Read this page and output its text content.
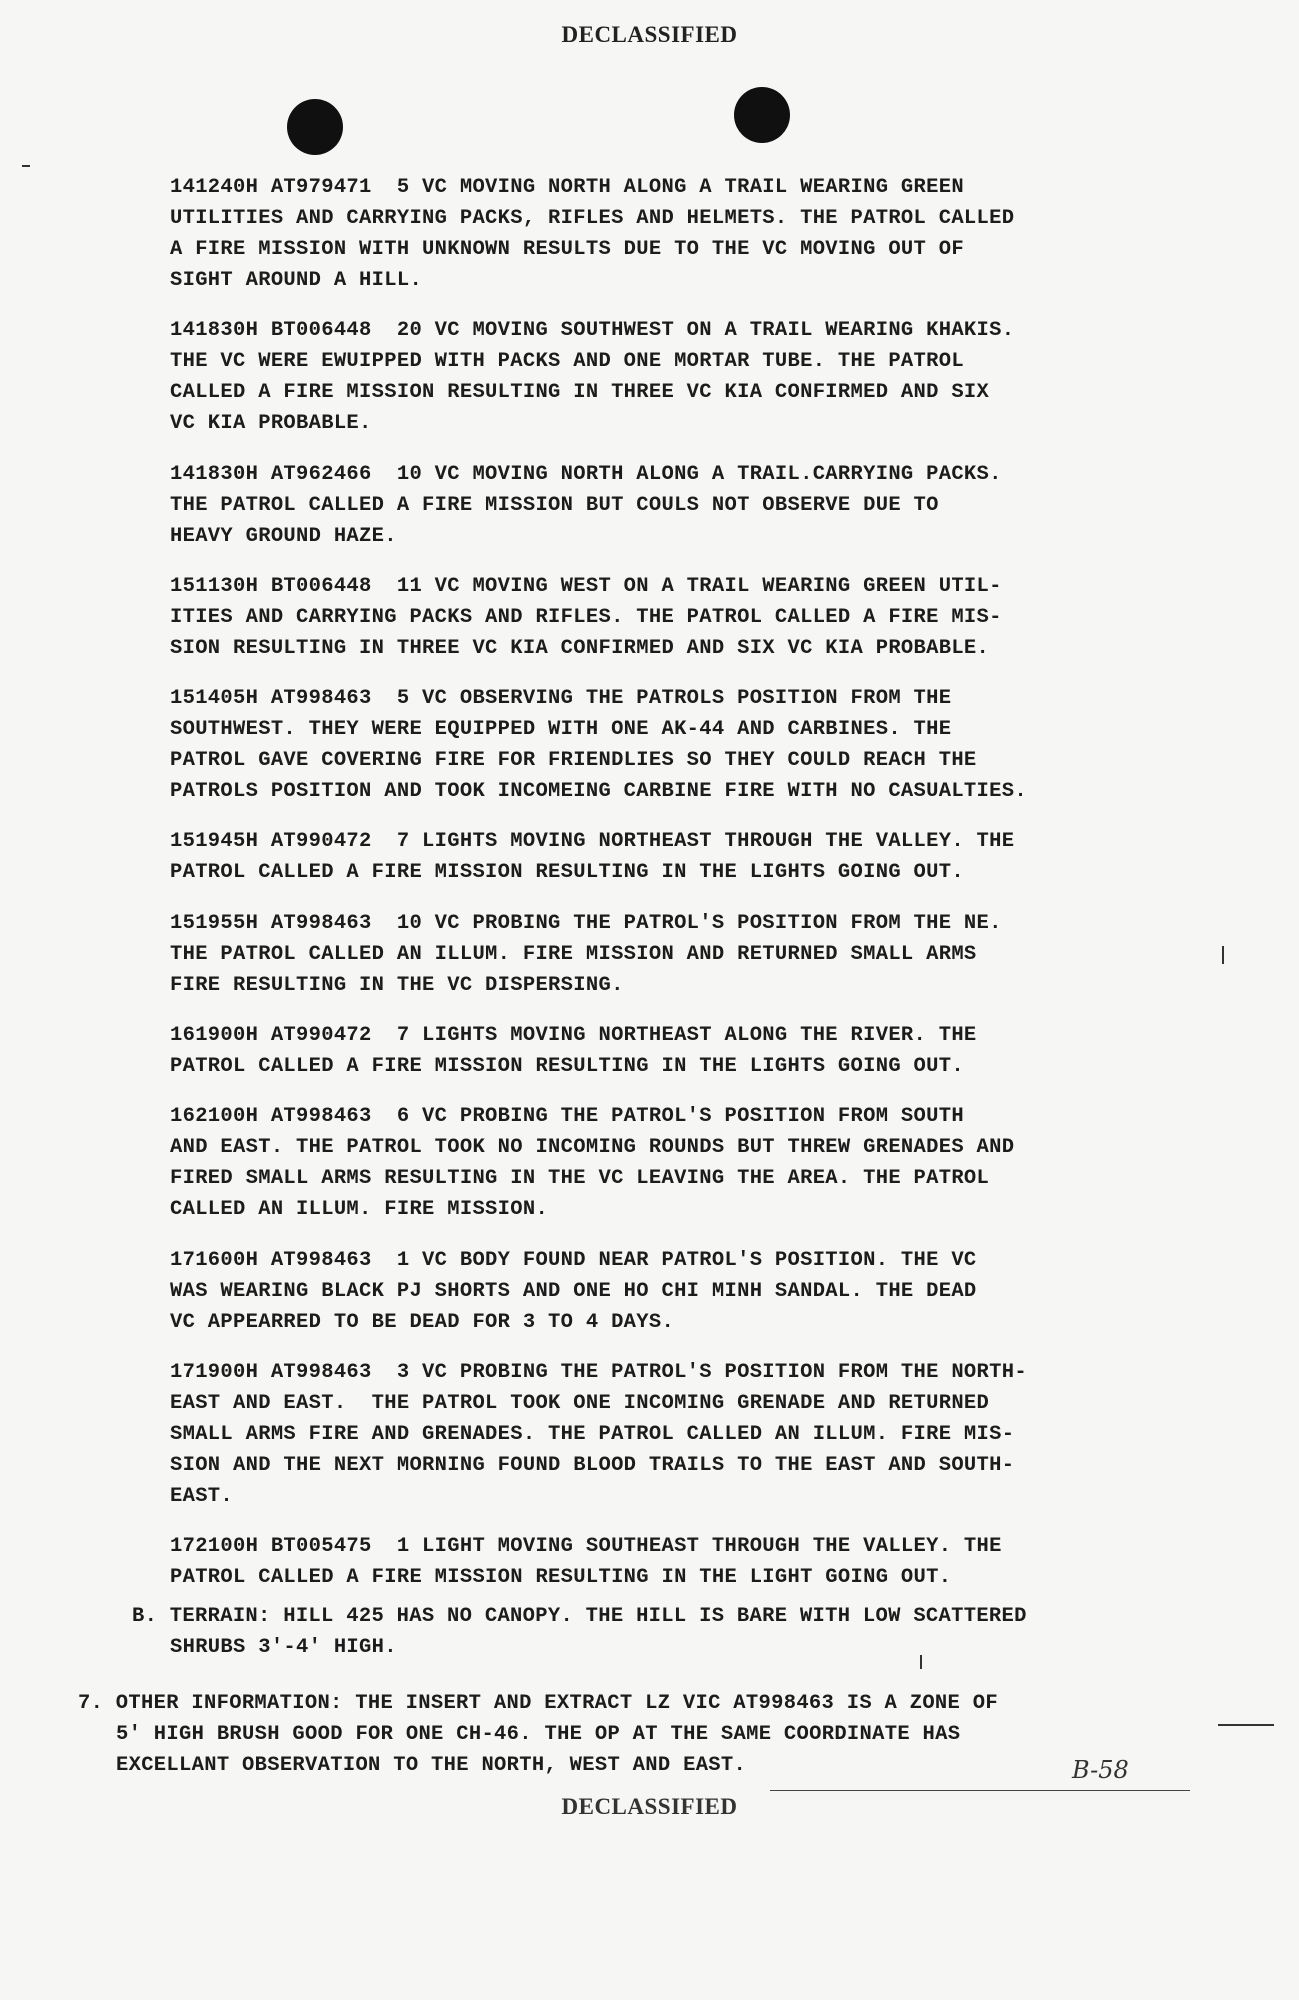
DECLASSIFIED
141240H AT979471  5 VC MOVING NORTH ALONG A TRAIL WEARING GREEN
UTILITIES AND CARRYING PACKS, RIFLES AND HELMETS. THE PATROL CALLED
A FIRE MISSION WITH UNKNOWN RESULTS DUE TO THE VC MOVING OUT OF
SIGHT AROUND A HILL.
141830H BT006448  20 VC MOVING SOUTHWEST ON A TRAIL WEARING KHAKIS.
THE VC WERE EWUIPPED WITH PACKS AND ONE MORTAR TUBE. THE PATROL
CALLED A FIRE MISSION RESULTING IN THREE VC KIA CONFIRMED AND SIX
VC KIA PROBABLE.
141830H AT962466  10 VC MOVING NORTH ALONG A TRAIL.CARRYING PACKS.
THE PATROL CALLED A FIRE MISSION BUT COULS NOT OBSERVE DUE TO
HEAVY GROUND HAZE.
151130H BT006448  11 VC MOVING WEST ON A TRAIL WEARING GREEN UTIL-
ITIES AND CARRYING PACKS AND RIFLES. THE PATROL CALLED A FIRE MIS-
SION RESULTING IN THREE VC KIA CONFIRMED AND SIX VC KIA PROBABLE.
151405H AT998463  5 VC OBSERVING THE PATROLS POSITION FROM THE
SOUTHWEST. THEY WERE EQUIPPED WITH ONE AK-44 AND CARBINES. THE
PATROL GAVE COVERING FIRE FOR FRIENDLIES SO THEY COULD REACH THE
PATROLS POSITION AND TOOK INCOMEING CARBINE FIRE WITH NO CASUALTIES.
151945H AT990472  7 LIGHTS MOVING NORTHEAST THROUGH THE VALLEY. THE
PATROL CALLED A FIRE MISSION RESULTING IN THE LIGHTS GOING OUT.
151955H AT998463  10 VC PROBING THE PATROL'S POSITION FROM THE NE.
THE PATROL CALLED AN ILLUM. FIRE MISSION AND RETURNED SMALL ARMS
FIRE RESULTING IN THE VC DISPERSING.
161900H AT990472  7 LIGHTS MOVING NORTHEAST ALONG THE RIVER. THE
PATROL CALLED A FIRE MISSION RESULTING IN THE LIGHTS GOING OUT.
162100H AT998463  6 VC PROBING THE PATROL'S POSITION FROM SOUTH
AND EAST. THE PATROL TOOK NO INCOMING ROUNDS BUT THREW GRENADES AND
FIRED SMALL ARMS RESULTING IN THE VC LEAVING THE AREA. THE PATROL
CALLED AN ILLUM. FIRE MISSION.
171600H AT998463  1 VC BODY FOUND NEAR PATROL'S POSITION. THE VC
WAS WEARING BLACK PJ SHORTS AND ONE HO CHI MINH SANDAL. THE DEAD
VC APPEARRED TO BE DEAD FOR 3 TO 4 DAYS.
171900H AT998463  3 VC PROBING THE PATROL'S POSITION FROM THE NORTH-
EAST AND EAST.  THE PATROL TOOK ONE INCOMING GRENADE AND RETURNED
SMALL ARMS FIRE AND GRENADES. THE PATROL CALLED AN ILLUM. FIRE MIS-
SION AND THE NEXT MORNING FOUND BLOOD TRAILS TO THE EAST AND SOUTH-
EAST.
172100H BT005475  1 LIGHT MOVING SOUTHEAST THROUGH THE VALLEY. THE
PATROL CALLED A FIRE MISSION RESULTING IN THE LIGHT GOING OUT.
B. TERRAIN: HILL 425 HAS NO CANOPY. THE HILL IS BARE WITH LOW SCATTERED
SHRUBS 3'-4' HIGH.
7. OTHER INFORMATION: THE INSERT AND EXTRACT LZ VIC AT998463 IS A ZONE OF
5' HIGH BRUSH GOOD FOR ONE CH-46. THE OP AT THE SAME COORDINATE HAS
EXCELLANT OBSERVATION TO THE NORTH, WEST AND EAST.	B-58
DECLASSIFIED
